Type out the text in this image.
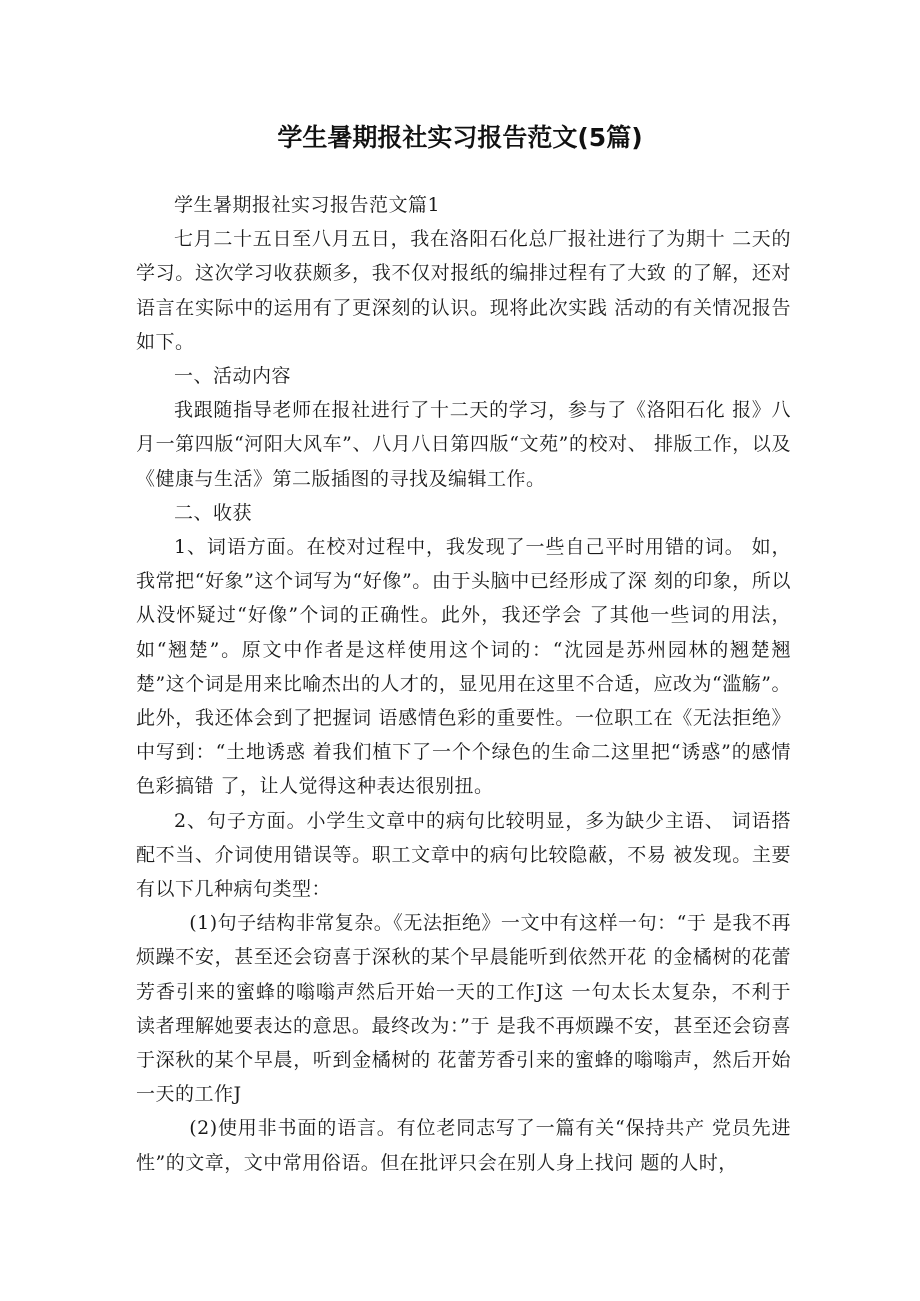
学生暑期报社实习报告范文(5篇)

学生暑期报社实习报告范文篇1

七月二十五日至八月五日，我在洛阳石化总厂报社进行了为期十 二天的学习。这次学习收获颇多，我不仅对报纸的编排过程有了大致 的了解，还对语言在实际中的运用有了更深刻的认识。现将此次实践 活动的有关情况报告如下。

一、活动内容

我跟随指导老师在报社进行了十二天的学习，参与了《洛阳石化 报》八月一第四版“河阳大风车”、八月八日第四版“文苑”的校对、 排版工作，以及《健康与生活》第二版插图的寻找及编辑工作。

二、收获

1、词语方面。在校对过程中，我发现了一些自己平时用错的词。 如，我常把“好象”这个词写为“好像”。由于头脑中已经形成了深 刻的印象，所以从没怀疑过“好像”个词的正确性。此外，我还学会 了其他一些词的用法，如“翘楚”。原文中作者是这样使用这个词的：“沈园是苏州园林的翘楚翘楚”这个词是用来比喻杰出的人才的，显见用在这里不合适，应改为“滥觞”。此外，我还体会到了把握词 语感情色彩的重要性。一位职工在《无法拒绝》中写到：“土地诱惑 着我们植下了一个个绿色的生命二这里把“诱惑”的感情色彩搞错 了，让人觉得这种表达很别扭。

2、句子方面。小学生文章中的病句比较明显，多为缺少主语、 词语搭配不当、介词使用错误等。职工文章中的病句比较隐蔽，不易 被发现。主要有以下几种病句类型：

(1)句子结构非常复杂。《无法拒绝》一文中有这样一句：“于 是我不再烦躁不安，甚至还会窃喜于深秋的某个早晨能听到依然开花 的金橘树的花蕾芳香引来的蜜蜂的嗡嗡声然后开始一天的工作J这 一句太长太复杂，不利于读者理解她要表达的意思。最终改为：”于 是我不再烦躁不安，甚至还会窃喜于深秋的某个早晨，听到金橘树的 花蕾芳香引来的蜜蜂的嗡嗡声，然后开始一天的工作J

(2)使用非书面的语言。有位老同志写了一篇有关“保持共产 党员先进性”的文章，文中常用俗语。但在批评只会在别人身上找问 题的人时，
